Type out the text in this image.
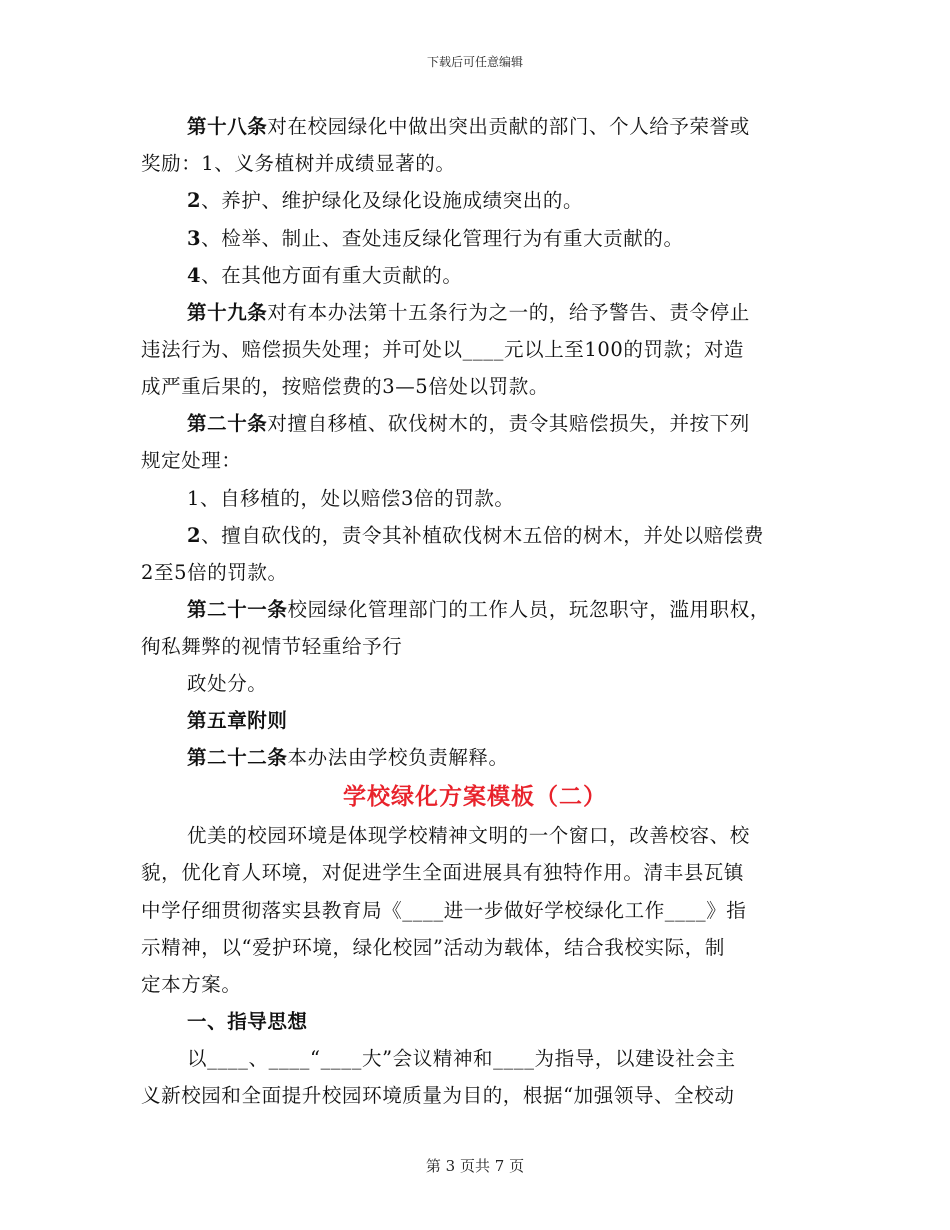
下载后可任意编辑
第十八条对在校园绿化中做出突出贡献的部门、个人给予荣誉或
奖励：1、义务植树并成绩显著的。
2、养护、维护绿化及绿化设施成绩突出的。
3、检举、制止、查处违反绿化管理行为有重大贡献的。
4、在其他方面有重大贡献的。
第十九条对有本办法第十五条行为之一的，给予警告、责令停止
违法行为、赔偿损失处理；并可处以____元以上至100的罚款；对造
成严重后果的，按赔偿费的3—5倍处以罚款。
第二十条对擅自移植、砍伐树木的，责令其赔偿损失，并按下列
规定处理：
1、自移植的，处以赔偿3倍的罚款。
2、擅自砍伐的，责令其补植砍伐树木五倍的树木，并处以赔偿费
2至5倍的罚款。
第二十一条校园绿化管理部门的工作人员，玩忽职守，滥用职权，
徇私舞弊的视情节轻重给予行
政处分。
第五章附则
第二十二条本办法由学校负责解释。
学校绿化方案模板（二）
优美的校园环境是体现学校精神文明的一个窗口，改善校容、校
貌，优化育人环境，对促进学生全面进展具有独特作用。清丰县瓦镇
中学仔细贯彻落实县教育局《____进一步做好学校绿化工作____》指
示精神，以“爱护环境，绿化校园”活动为载体，结合我校实际，制
定本方案。
一、指导思想
以____、____“____大”会议精神和____为指导，以建设社会主
义新校园和全面提升校园环境质量为目的，根据“加强领导、全校动
第 3 页共 7 页
